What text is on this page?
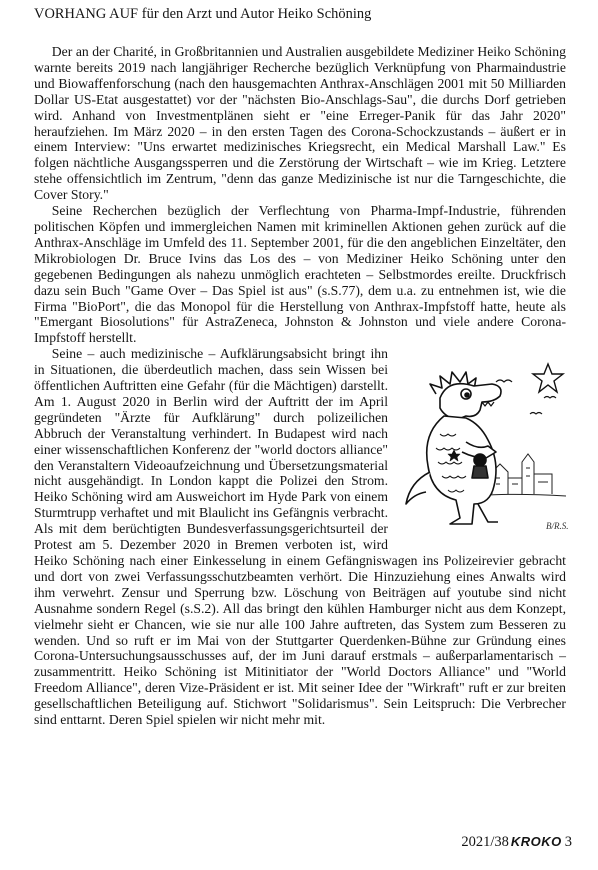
VORHANG AUF für den Arzt und Autor Heiko Schöning

Der an der Charité, in Großbritannien und Australien ausgebildete Mediziner Heiko Schöning warnte bereits 2019 nach langjähriger Recherche bezüglich Verknüpfung von Pharmaindustrie und Biowaffenforschung (nach den hausgemachten Anthrax-Anschlägen 2001 mit 50 Milliarden Dollar US-Etat ausgestattet) vor der "nächsten Bio-Anschlags-Sau", die durchs Dorf getrieben wird. Anhand von Investmentplänen sieht er "eine Erreger-Panik für das Jahr 2020" heraufziehen. Im März 2020 – in den ersten Tagen des Corona-Schockzustands – äußert er in einem Interview: "Uns erwartet medizinisches Kriegsrecht, ein Medical Marshall Law." Es folgen nächtliche Ausgangssperren und die Zerstörung der Wirtschaft – wie im Krieg. Letztere stehe offensichtlich im Zentrum, "denn das ganze Medizinische ist nur die Tarngeschichte, die Cover Story."

Seine Recherchen bezüglich der Verflechtung von Pharma-Impf-Industrie, führenden politischen Köpfen und immergleichen Namen mit kriminellen Aktionen gehen zurück auf die Anthrax-Anschläge im Umfeld des 11. September 2001, für die den angeblichen Einzeltäter, den Mikrobiologen Dr. Bruce Ivins das Los des – von Mediziner Heiko Schöning unter den gegebenen Bedingungen als nahezu unmöglich erachteten – Selbstmordes ereilte. Druckfrisch dazu sein Buch "Game Over – Das Spiel ist aus" (s.S.77), dem u.a. zu entnehmen ist, wie die Firma "BioPort", die das Monopol für die Herstellung von Anthrax-Impfstoff hatte, heute als "Emergant Biosolutions" für AstraZeneca, Johnston & Johnston und viele andere Corona-Impfstoff herstellt.

B/R.S.
Seine – auch medizinische – Aufklärungsabsicht bringt ihn in Situationen, die überdeutlich machen, dass sein Wissen bei öffentlichen Auftritten eine Gefahr (für die Mächtigen) darstellt. Am 1. August 2020 in Berlin wird der Auftritt der im April gegründeten "Ärzte für Aufklärung" durch polizeilichen Abbruch der Veranstaltung verhindert. In Budapest wird nach einer wissenschaftlichen Konferenz der "world doctors alliance" den Veranstaltern Videoaufzeichnung und Übersetzungsmaterial nicht ausgehändigt. In London kappt die Polizei den Strom. Heiko Schöning wird am Ausweichort im Hyde Park von einem Sturmtrupp verhaftet und mit Blaulicht ins Gefängnis verbracht. Als mit dem berüchtigten Bundesverfassungsgerichtsurteil der Protest am 5. Dezember 2020 in Bremen verboten ist, wird Heiko Schöning nach einer Einkesselung in einem Gefängniswagen ins Polizeirevier gebracht und dort von zwei Verfassungsschutzbeamten verhört. Die Hinzuziehung eines Anwalts wird ihm verwehrt. Zensur und Sperrung bzw. Löschung von Beiträgen auf youtube sind nicht Ausnahme sondern Regel (s.S.2). All das bringt den kühlen Hamburger nicht aus dem Konzept, vielmehr sieht er Chancen, wie sie nur alle 100 Jahre auftreten, das System zum Besseren zu wenden. Und so ruft er im Mai von der Stuttgarter Querdenken-Bühne zur Gründung eines Corona-Untersuchungsausschusses auf, der im Juni darauf erstmals – außerparlamentarisch – zusammentritt. Heiko Schöning ist Mitinitiator der "World Doctors Alliance" und "World Freedom Alliance", deren Vize-Präsident er ist. Mit seiner Idee der "Wirkraft" ruft er zur breiten gesellschaftlichen Beteiligung auf. Stichwort "Solidarismus". Sein Leitspruch: Die Verbrecher sind enttarnt. Deren Spiel spielen wir nicht mehr mit.

2021/38 KROKO 3
